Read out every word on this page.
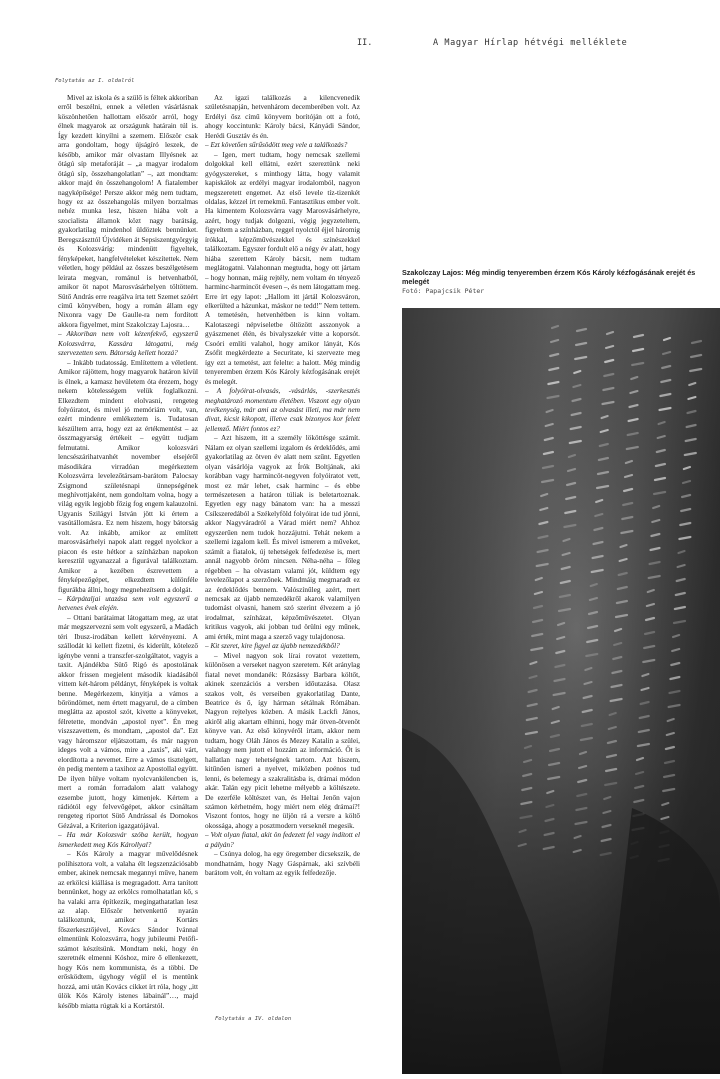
II.	A Magyar Hírlap hétvégi melléklete
Folytatás az I. oldalról

Mivel az iskola és a szülő is féltek akkoriban erről beszélni, ennek a véletlen vásárlásnak köszönhetően hallottam először arról, hogy élnek magyarok az országunk határain túl is. Így kezdett kinyílni a szemem. Először csak arra gondoltam, hogy újságíró leszek, de később, amikor már olvastam Illyésnek az ötágú síp metaforáját – „a magyar irodalom ötágú síp, összehangolatlan” –, azt mondtam: akkor majd én összehangolom! A fiatalember nagyképűsége! Persze akkor még nem tudtam, hogy ez az összehangolás milyen borzalmas nehéz munka lesz, hiszen hiába volt a szocialista államok közt nagy barátság, gyakorlatilag mindenhol üldöztek bennünket. Beregszászttól Újvidéken át Sepsiszentgyörgyig és Kolozsváríg: mindenütt figyeltek, fényképeket, hangfelvételeket készítettek. Nem véletlen, hogy például az összes beszélgetésem leirata megvan, románul is hetvenhatból, amikor öt napot Marosvásárhelyen töltöttem. Sütő András erre reagálva írta tett Szemet szóért című könyvében, hogy a román állam egy Nixonra vagy De Gaulle-ra nem fordított akkora figyelmet, mint Szakolczay Lajosra…

– Akkoriban nem volt kézenfekvő, egyszerű Kolozsvárra, Kassára látogatni, még szervezetten sem. Bátorság kellett hozzá?

– Inkább tudatosság. Említettem a véletlent. Amikor rájöttem, hogy magyarok határon kívül is élnek, a kamasz hevületem óta érezem, hogy nekem kötelességem velük foglalkozni. Elkezdtem mindent elolvasni, rengeteg folyóiratot, és mivel jó memóriám volt, van, ezért mindenre emlékeztem is. Tudatosan készültem arra, hogy ezt az értékmentést – az összmagyarság értékeit – együtt tudjam felmutatni. Amikor kolozsvári lencsészárihatvanhét november elsejéről másodikára virradóan megérkeztem Kolozsvárra levelezőtársam-barátom Palocsay Zsigmond születésnapi ünnepségének meghívottjaként, nem gondoltam volna, hogy a világ egyik legjobb főzig fog engem kalauzolni. Ugyanis Szilágyi István jött ki értem a vasútállomásra. Ez nem hiszem, hogy bátorság volt. Az inkább, amikor az említett marosvásárhelyi napok alatt reggel nyolckor a piacon és este hétkor a színházban napokon keresztül ugyanazzal a figurával találkoztam. Amikor a kezében észrevettem a fényképezőgépet, elkezdtem különféle figurákba állni, hogy megnehezítsem a dolgát.

– Kárpátaljai utazása sem volt egyszerű a hetvenes évek elején.

– Ottani barátaimat látogattam meg, az utat már megszervezni sem volt egyszerű, a Madách téri Ibusz-irodában kellett kérvényezni. A szállodát ki kellett fizetni, és kiderült, kötelező igénybe venni a transzfer-szolgáltatot, vagyis a taxit. Ajándékba Sütő Rigó és apostolának akkor frissen megjelent második kiadásából vittem két-három példányt, fényképek is voltak benne. Megérkezem, kinyitja a vámos a bőröndömet, nem értett magyarul, de a címben meglátta az apostol szót, kivette a könyveket, félretette, mondván „apostol nyet”. Én meg viszszavettem, és mondtam, „apostol da”. Ezt vagy háromszor eljátszottam, és már nagyon ideges volt a vámos, mire a „taxis”, aki várt, elordította a nevemet. Erre a vámos tisztelgett, én pedig mentem a taxihoz az Apostollal együtt. De ilyen hülye voltam nyolcvankilencben is, mert a román forradalom alatt valahogy ezsembe jutott, hogy kimenjek. Kértem a rádiótól egy felvevőgépet, akkor csináltam rengeteg riportot Sütő Andrással és Domokos Gézával, a Kriterion igazgatójával.

– Ha már Kolozsvár szóba került, hogyan ismerkedett meg Kós Károllyal?

– Kós Károly a magyar művelődésnek polihisztora volt, a valaha élt legszenzációsabb ember, akinek nemcsak megannyi műve, hanem az erkölcsi kiállása is megragadott. Arra tanított bennünket, hogy az erkölcs romolhatatlan kő, s ha valaki arra építkezik, megingathatatlan lesz az alap. Először hetvenkettő nyarán találkoztunk, amikor a Kortárs főszerkesztőjével, Kovács Sándor Ivánnal elmentünk Kolozsvárra, hogy jubileumi Petőfi-számot készítsünk. Mondtam neki, hogy én szeretnék elmenni Kóshoz, mire ő ellenkezett, hogy Kós nem kommunista, és a többi. De erősködtem, úgyhogy végül el is mentünk hozzá, ami után Kovács cikket írt róla, hogy „itt ülök Kós Károly istenes lábainál”…, majd később miatta rúgtak ki a Kortárstól.

Az igazi találkozás a kilencvenedik születésnapján, hetvenhárom decemberében volt. Az Erdélyi ősz című könyvem borítóján ott a fotó, ahogy koccintunk: Károly bácsi, Kányádi Sándor, Herédi Gusztáv és én.

– Ezt követően sűrűsödött meg vele a találkozás?

– Igen, mert tudtam, hogy nemcsak szellemi dolgokkal kell ellátni, ezért szereztünk neki gyógyszereket, s minthogy látta, hogy valamit kapiskálok az erdélyi magyar irodalomból, nagyon megszeretett engemet. Az első levele tíz-tizenkét oldalas, kézzel írt remekmű. Fantasztikus ember volt. Ha kimentem Kolozsvárra vagy Marosvásárhelyre, azért, hogy tudjak dolgozni, végig jegyzeteltem, figyeltem a színházban, reggel nyolctól éjjel háromig írókkal, képzőművészekkel és színészekkel találkoztam. Egyszer fordult elő a négy év alatt, hogy hiába szerettem Károly bácsit, nem tudtam meglátogatni. Valahonnan megtudta, hogy ott jártam – hogy honnan, máig rejtély, nem voltam én tényező harminc-harmincöt évesen –, és nem látogattam meg. Erre írt egy lapot: „Hallom itt jártál Kolozsváron, elkerülted a házunkat, máskor ne tedd!” Nem tettem. A temetésén, hetvenhétben is kinn voltam. Kalotaszegi népviseletbe öltözött asszonyok a gyászmenet élén, és bivalyszekér vitte a koporsót. Csoóri említi valahol, hogy amikor lányát, Kós Zsófit megkérdezte a Securitate, ki szervezte meg így ezt a temetést, azt felelte: a halott. Még mindig tenyeremben érzem Kós Károly kézfogásának erejét és melegét.

– A folyóirat-olvasás, -vásárlás, -szerkesztés meghatározó momentum életében. Viszont egy olyan tevékenység, már ami az olvasást illeti, ma már nem divat, kicsit kikopott, illetve csak bizonyos kor felett jellemző. Miért fontos ez?

– Azt hiszem, itt a személy lökött​ésge számít. Nálam ez olyan szellemi izgalom és érdeklődés, ami gyakorlatilag az ötven év alatt nem szűnt. Egyetlen olyan vásárlója vagyok az Írók Boltjának, aki korábban vagy harmincöt-negyven folyóiratot vett, most ez már lehet, csak harminc – és ebbe természetesen a határon túliak is beletartoznak. Egyetlen egy nagy bánatom van: ha a messzi Csíkszeredából a Székelyföld folyóirat ide tud jönni, akkor Nagyváradról a Várad miért nem? Ahhoz egyszerűen nem tudok hozzájutni. Tehát nekem a szellemi izgalom kell. És mivel ismerem a műveket, számít a fiatalok, új tehetségek felfedezése is, mert annál nagyobb öröm nincsen. Néha-néha – főleg régebben – ha olvastam valami jót, küldtem egy levelezőlapot a szerzőnek. Mindmáig megmaradt ez az érdeklődés bennem. Valószínűleg azért, mert nemcsak az újabb nemzedékről akarok valamilyen tudomást olvasni, hanem szó szerint élvezem a jó irodalmat, színházat, képzőművészetet. Olyan kritikus vagyok, aki jobban tud örülni egy műnek, ami érték, mint maga a szerző vagy tulajdonosa.

– Kit szeret, kire figyel az újabb nemzedékből?

– Mivel nagyon sok lírai rovatot vezettem, különösen a verseket nagyon szeretem. Két aránylag fiatal nevet mondanék: Rózsássy Barbara költőt, akinek szenzációs a versben időutazása. Olasz szakos volt, és verseiben gyakorlatilag Dante, Beatrice és ő, így hárman sétálnak Rómában. Nagyon rejtelyes közben. A másik Lackfi János, akiről alig akartam elhinni, hogy már ötven-ötvenöt könyve van. Az első könyvéről írtam, akkor nem tudtam, hogy Oláh János és Mezey Katalin a szülei, valahogy nem jutott el hozzám az információ. Őt is hallatlan nagy tehetségnek tartom. Azt hiszem, kitűnően ismeri a nyelvet, miközben poénos tud lenni, és belemegy a szakralitásba is, drámai módon akár. Talán egy picit lehetne mélyebb a költészete. De ezerféle költészet van, és Heltai Jenőn vajon számon kérhetném, hogy miért nem elég drámai?! Viszont fontos, hogy ne üljön rá a versre a költő okossága, ahogy a posztmodern verseknél megesik.

– Volt olyan fiatal, akit ön fedezett fel vagy indított el a pályán?

– Csúnya dolog, ha egy öregember dicsekszik, de mondhatnám, hogy Nagy Gáspárnak, aki szívbéli barátom volt, én voltam az egyik felfedezője.

Folytatás a IV. oldalon
Szakolczay Lajos: Még mindig tenyeremben érzem Kós Károly kézfogásának erejét és melegét
Fotó: Papajcsik Péter
